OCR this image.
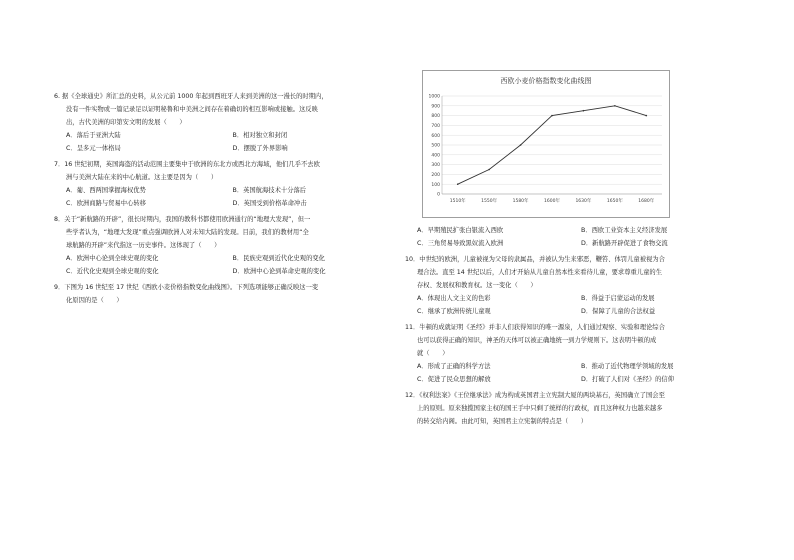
6. 据《全球通史》所汇总的史料，从公元前 1000 年起到西班牙人来到美洲的这一漫长的时期内，
没有一件实物或一篇记录足以证明秘鲁和中美洲之间存在着确切的相互影响或接触。这反映
出，古代美洲的印第安文明的发展（　　）
A．落后于亚洲大陆	B．相对独立和封闭
C．呈多元一体格局	D．摆脱了外界影响
7．16 世纪初期，英国海盗的活动范围主要集中于欧洲的东北方或西北方海域，他们几乎不去欧
洲与美洲大陆在来的中心航道。这主要是因为（　　）
A．葡、西两国掌握海权优势	B．英国航海技术十分落后
C．欧洲商路与贸易中心转移	D．英国受到价格革命冲击
8．关于“新航路的开辟”，很长时期内，我国的教科书都使用欧洲通行的“地理大发现”，但一
些学者认为，“地理大发现”重点强调欧洲人对未知大陆的发现。目前，我们的教材用“全
球航路的开辟”来代指这一历史事件。这体现了（　　）
A．欧洲中心论到全球史观的变化	B．民族史观到近代化史观的变化
C．近代化史观到全球史观的变化	D．欧洲中心论到革命史观的变化
9．下图为 16 世纪至 17 世纪《西欧小麦价格指数变化曲线图》。下列选项能够正确反映这一变
化原因的是（　　）
西欧小麦价格指数变化曲线图
0
100
200
300
400
500
600
700
800
900
1000
1510年	1550年	1580年	1600年	1630年	1650年	1680年
A．早期殖民扩张白银流入西欧	B．西欧工业资本主义经济发展
C．三角贸易导致黑奴流入欧洲	D．新航路开辟促进了食物交流
10．中世纪的欧洲，儿童被视为父母的隶属品，并被认为生来邪恶，鞭笞、体罚儿童被视为合
理合法。直至 14 世纪以后，人们才开始从儿童自然本性来看待儿童，要求尊重儿童的生
存权、发展权和教育权。这一变化（　　）
A．体现出人文主义的色彩	B．得益于启蒙运动的发展
C．继承了欧洲传统儿童观	D．保障了儿童的合法权益
11．牛顿的成就证明《圣经》并非人们获得知识的唯一源泉，人们通过观察、实验和理论综合
也可以获得正确的知识，神圣的天体可以被正确地统一到力学规则下。这表明牛顿的成
就（　　）
A．形成了正确的科学方法	B．推动了近代物理学领域的发展
C．促进了民众思想的解放	D．打破了人们对《圣经》的信仰
12．《权利法案》《王位继承法》成为构成英国君主立宪制大厦的两块基石，英国确立了国会至
上的原则。原来独揽国家主权的国王手中只剩了统样的行政权，而且这种权力也越来越多
的转交给内阁。由此可知，英国君主立宪制的特点是（　　）
